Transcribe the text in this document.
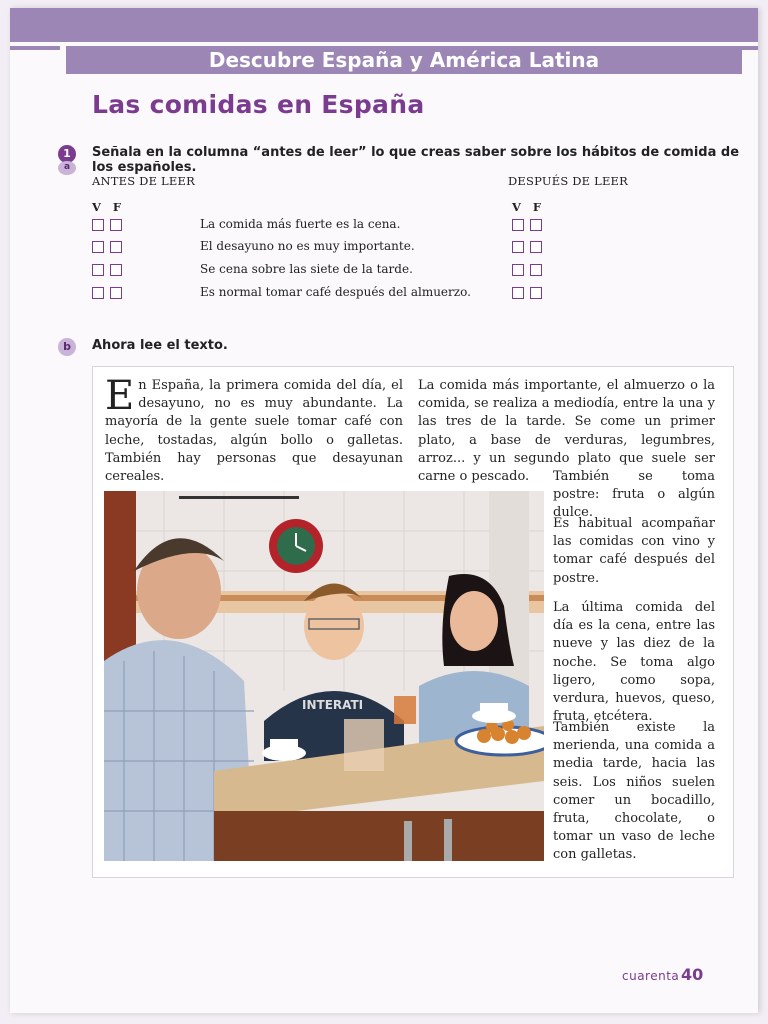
Descubre España y América Latina
Las comidas en España
1
a
Señala en la columna “antes de leer” lo que creas saber sobre los hábitos de comida de los españoles.
ANTES DE LEER	DESPUÉS DE LEER
V F	V F
La comida más fuerte es la cena.
El desayuno no es muy importante.
Se cena sobre las siete de la tarde.
Es normal tomar café después del almuerzo.
b	Ahora lee el texto.
En España, la primera comida del día, el desayuno, no es muy abundante. La mayoría de la gente suele tomar café con leche, tostadas, algún bollo o galletas. También hay personas que desayunan cereales.
La comida más importante, el almuerzo o la comida, se realiza a mediodía, entre la una y las tres de la tarde. Se come un primer plato, a base de verduras, legumbres, arroz... y un segundo plato que suele ser carne o pescado.	También se toma postre: fruta o algún dulce.
Es habitual acompañar las comidas con vino y tomar café después del postre.
La última comida del día es la cena, entre las nueve y las diez de la noche. Se toma algo ligero, como sopa, verdura, huevos, queso, fruta, etcétera.
También existe la merienda, una comida a media tarde, hacia las seis. Los niños suelen comer un bocadillo, fruta, chocolate, o tomar un vaso de leche con galletas.
INTERATI
cuarenta 40
